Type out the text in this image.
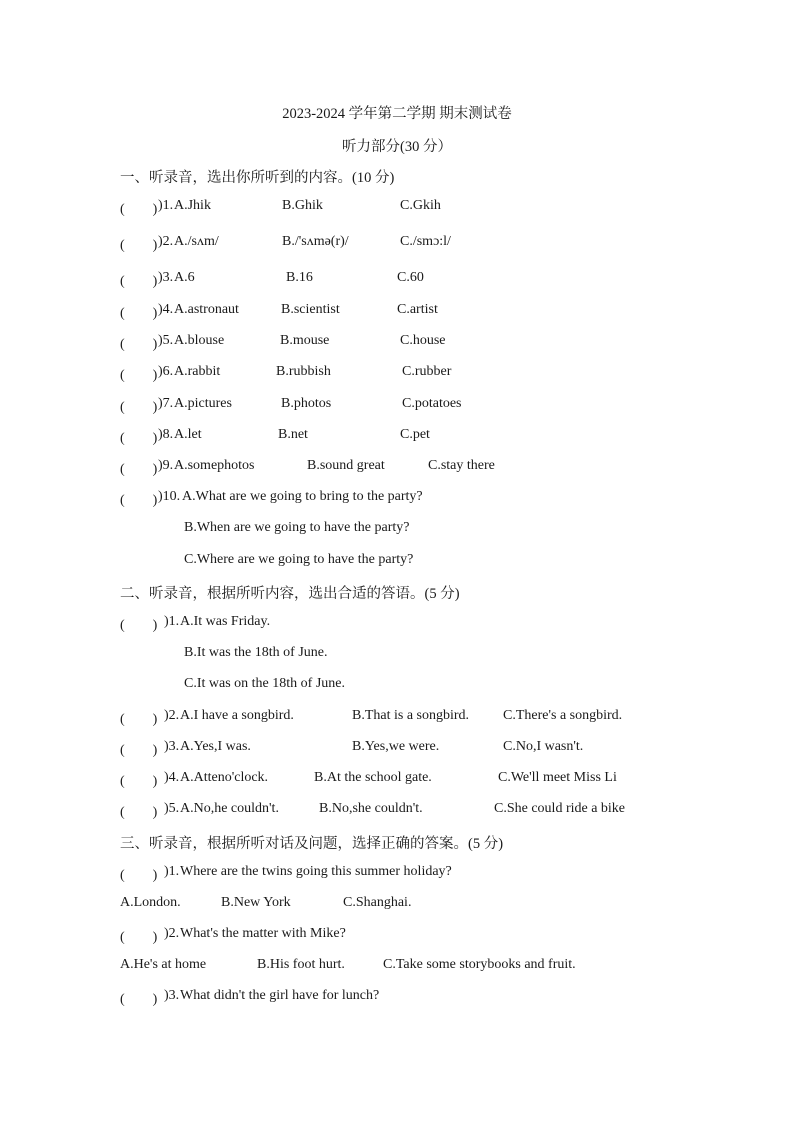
2023-2024 学年第二学期 期末测试卷
听力部分(30 分）
一、听录音，选出你所听到的内容。(10 分)
(　　) )1. A.Jhik	B.Ghik	C.Gkih
(　　) )2. A./sʌm/	B./'sʌmə(r)/	C./smɔ:l/
(　　) )3. A.6	B.16	C.60
(　　) )4. A.astronaut	B.scientist	C.artist
(　　) )5. A.blouse	B.mouse	C.house
(　　) )6. A.rabbit	B.rubbish	C.rubber
(　　) )7. A.pictures	B.photos	C.potatoes
(　　) )8. A.let	B.net	C.pet
(　　) )9. A.somephotos	B.sound great	C.stay there
(　　) )10. A.What are we going to bring to the party?
B.When are we going to have the party?
C.Where are we going to have the party?
二、听录音，根据所听内容，选出合适的答语。(5 分)
(　　) )1. A.It was Friday.
B.It was the 18th of June.
C.It was on the 18th of June.
(　　) )2. A.I have a songbird.	B.That is a songbird. C.There's a songbird.
(　　) )3. A.Yes,I was.	B.Yes,we were.	C.No,I wasn't.
(　　) )4. A.Atteno'clock.	B.At the school gate.	C.We'll meet Miss Li
(　　) )5. A.No,he couldn't.	B.No,she couldn't.	C.She could ride a bike
三、听录音，根据所听对话及问题，选择正确的答案。(5 分)
(　　) )1. Where are the twins going this summer holiday?
A.London.	B.New York	C.Shanghai.
(　　) )2. What's the matter with Mike?
A.He's at home	B.His foot hurt.	C.Take some storybooks and fruit.
(　　) )3. What didn't the girl have for lunch?
